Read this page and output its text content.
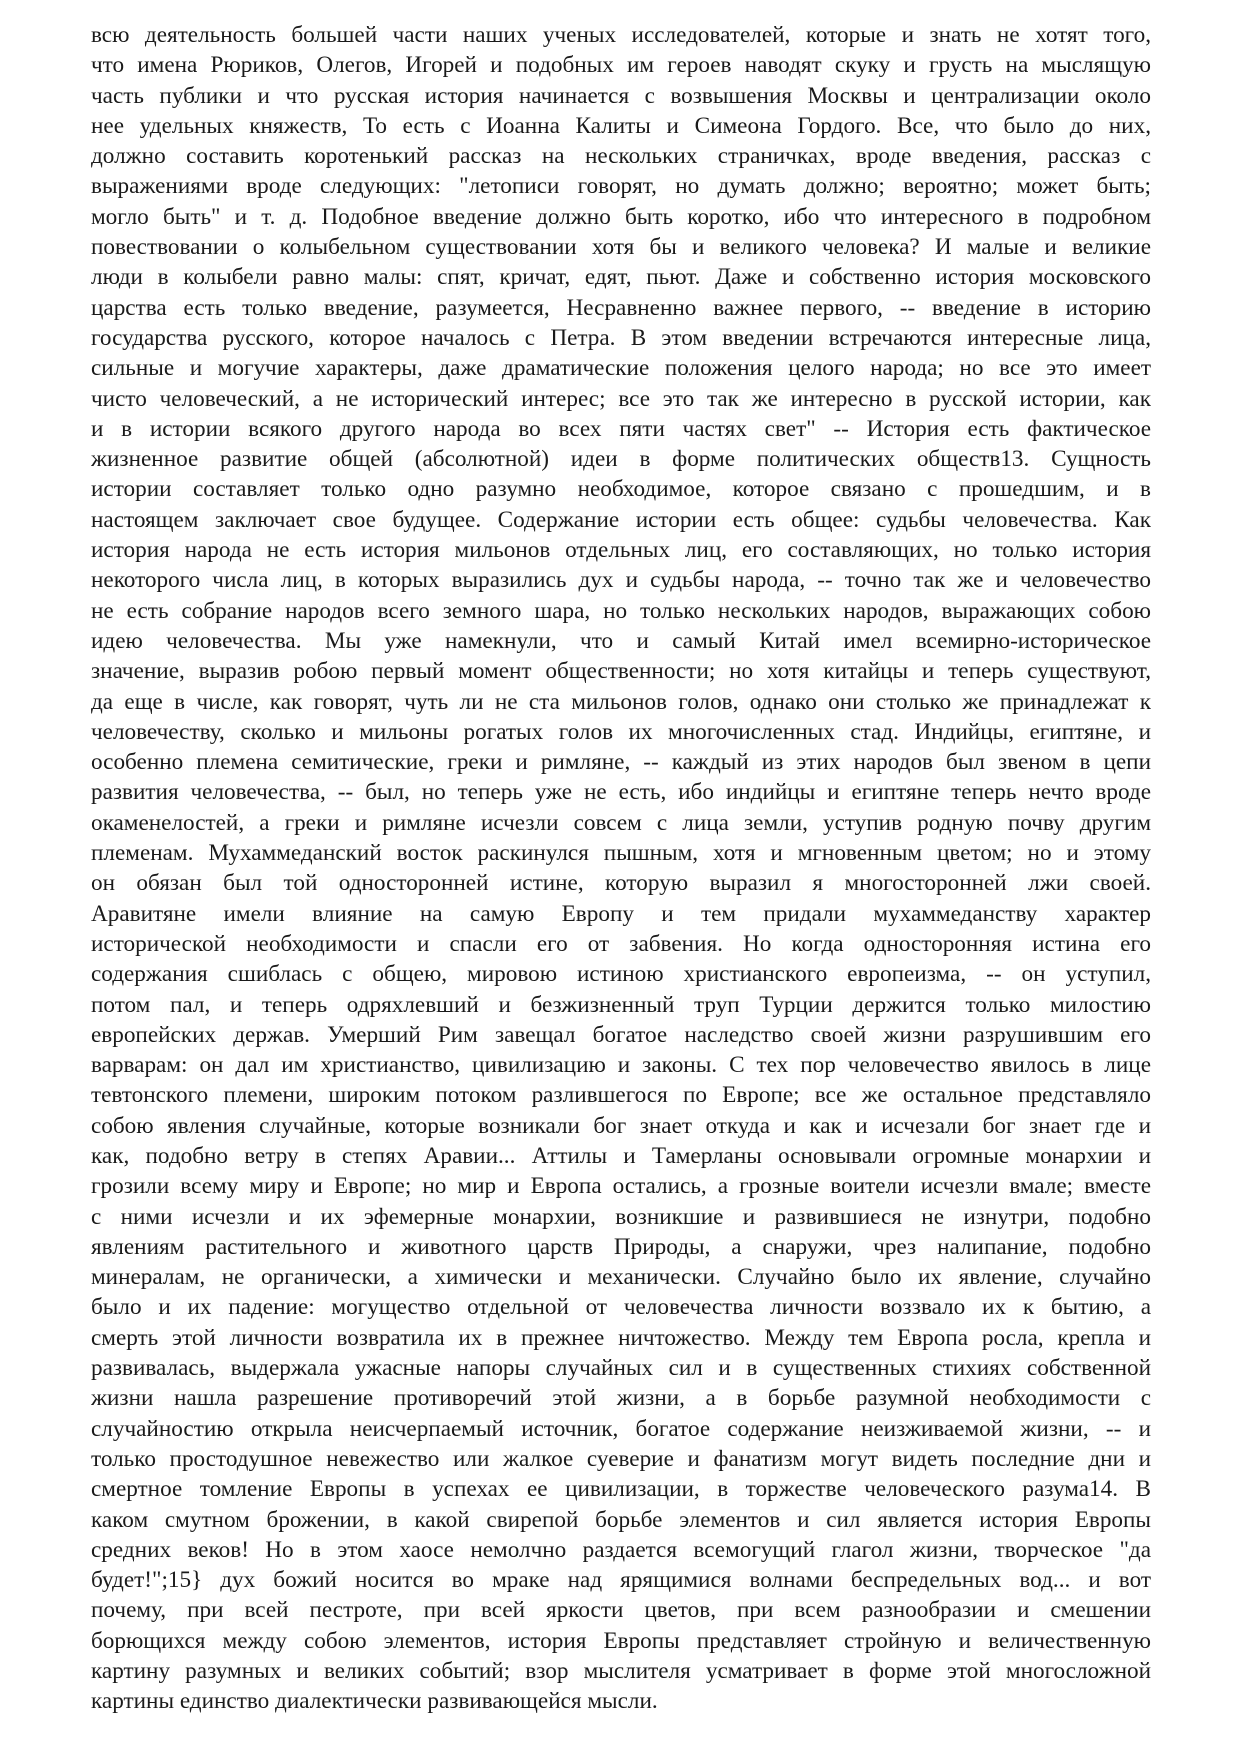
всю деятельность большей части наших ученых исследователей, которые и знать не хотят того,
что имена Рюриков, Олегов, Игорей и подобных им героев наводят скуку и грусть на мыслящую
часть публики и что русская история начинается с возвышения Москвы и централизации около
нее удельных княжеств, То есть с Иоанна Калиты и Симеона Гордого. Все, что было до них,
должно составить коротенький рассказ на нескольких страничках, вроде введения, рассказ с
выражениями вроде следующих: "летописи говорят, но думать должно; вероятно; может быть;
могло быть" и т. д. Подобное введение должно быть коротко, ибо что интересного в подробном
повествовании о колыбельном существовании хотя бы и великого человека? И малые и великие
люди в колыбели равно малы: спят, кричат, едят, пьют. Даже и собственно история московского
царства есть только введение, разумеется, Несравненно важнее первого, -- введение в историю
государства русского, которое началось с Петра. В этом введении встречаются интересные лица,
сильные и могучие характеры, даже драматические положения целого народа; но все это имеет
чисто человеческий, а не исторический интерес; все это так же интересно в русской истории, как
и в истории всякого другого народа во всех пяти частях свет" -- История есть фактическое
жизненное развитие общей (абсолютной) идеи в форме политических обществ13. Сущность
истории составляет только одно разумно необходимое, которое связано с прошедшим, и в
настоящем заключает свое будущее. Содержание истории есть общее: судьбы человечества. Как
история народа не есть история мильонов отдельных лиц, его составляющих, но только история
некоторого числа лиц, в которых выразились дух и судьбы народа, -- точно так же и человечество
не есть собрание народов всего земного шара, но только нескольких народов, выражающих собою
идею человечества. Мы уже намекнули, что и самый Китай имел всемирно-историческое
значение, выразив робою первый момент общественности; но хотя китайцы и теперь существуют,
да еще в числе, как говорят, чуть ли не ста мильонов голов, однако они столько же принадлежат к
человечеству, сколько и мильоны рогатых голов их многочисленных стад. Индийцы, египтяне, и
особенно племена семитические, греки и римляне, -- каждый из этих народов был звеном в цепи
развития человечества, -- был, но теперь уже не есть, ибо индийцы и египтяне теперь нечто вроде
окаменелостей, а греки и римляне исчезли совсем с лица земли, уступив родную почву другим
племенам. Мухаммеданский восток раскинулся пышным, хотя и мгновенным цветом; но и этому
он обязан был той односторонней истине, которую выразил я многосторонней лжи своей.
Аравитяне имели влияние на самую Европу и тем придали мухаммеданству характер
исторической необходимости и спасли его от забвения. Но когда односторонняя истина его
содержания сшиблась с общею, мировою истиною христианского европеизма, -- он уступил,
потом пал, и теперь одряхлевший и безжизненный труп Турции держится только милостию
европейских держав. Умерший Рим завещал богатое наследство своей жизни разрушившим его
варварам: он дал им христианство, цивилизацию и законы. С тех пор человечество явилось в лице
тевтонского племени, широким потоком разлившегося по Европе; все же остальное представляло
собою явления случайные, которые возникали бог знает откуда и как и исчезали бог знает где и
как, подобно ветру в степях Аравии... Аттилы и Тамерланы основывали огромные монархии и
грозили всему миру и Европе; но мир и Европа остались, а грозные воители исчезли вмале; вместе
с ними исчезли и их эфемерные монархии, возникшие и развившиеся не изнутри, подобно
явлениям растительного и животного царств Природы, а снаружи, чрез налипание, подобно
минералам, не органически, а химически и механически. Случайно было их явление, случайно
было и их падение: могущество отдельной от человечества личности воззвало их к бытию, а
смерть этой личности возвратила их в прежнее ничтожество. Между тем Европа росла, крепла и
развивалась, выдержала ужасные напоры случайных сил и в существенных стихиях собственной
жизни нашла разрешение противоречий этой жизни, а в борьбе разумной необходимости с
случайностию открыла неисчерпаемый источник, богатое содержание неизживаемой жизни, -- и
только простодушное невежество или жалкое суеверие и фанатизм могут видеть последние дни и
смертное томление Европы в успехах ее цивилизации, в торжестве человеческого разума14. В
каком смутном брожении, в какой свирепой борьбе элементов и сил является история Европы
средних веков! Но в этом хаосе немолчно раздается всемогущий глагол жизни, творческое "да
будет!";15} дух божий носится во мраке над ярящимися волнами беспредельных вод... и вот
почему, при всей пестроте, при всей яркости цветов, при всем разнообразии и смешении
борющихся между собою элементов, история Европы представляет стройную и величественную
картину разумных и великих событий; взор мыслителя усматривает в форме этой многосложной
картины единство диалектически развивающейся мысли.
